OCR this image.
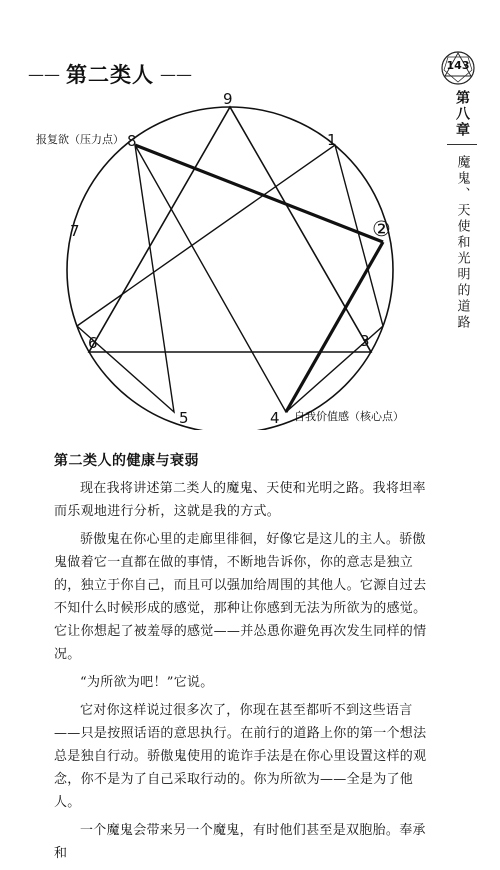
—— 第二类人 ——	143
第八章
魔鬼、天使和光明的道路
9
1
②
3
4
5
6
7
8
报复欲（压力点）
自我价值感（核心点）
第二类人的健康与衰弱

现在我将讲述第二类人的魔鬼、天使和光明之路。我将坦率而乐观地进行分析，这就是我的方式。

骄傲鬼在你心里的走廊里徘徊，好像它是这儿的主人。骄傲鬼做着它一直都在做的事情，不断地告诉你，你的意志是独立的，独立于你自己，而且可以强加给周围的其他人。它源自过去不知什么时候形成的感觉，那种让你感到无法为所欲为的感觉。它让你想起了被羞辱的感觉——并怂恿你避免再次发生同样的情况。

“为所欲为吧！”它说。

它对你这样说过很多次了，你现在甚至都听不到这些语言——只是按照话语的意思执行。在前行的道路上你的第一个想法总是独自行动。骄傲鬼使用的诡诈手法是在你心里设置这样的观念，你不是为了自己采取行动的。你为所欲为——全是为了他人。

一个魔鬼会带来另一个魔鬼，有时他们甚至是双胞胎。奉承和
